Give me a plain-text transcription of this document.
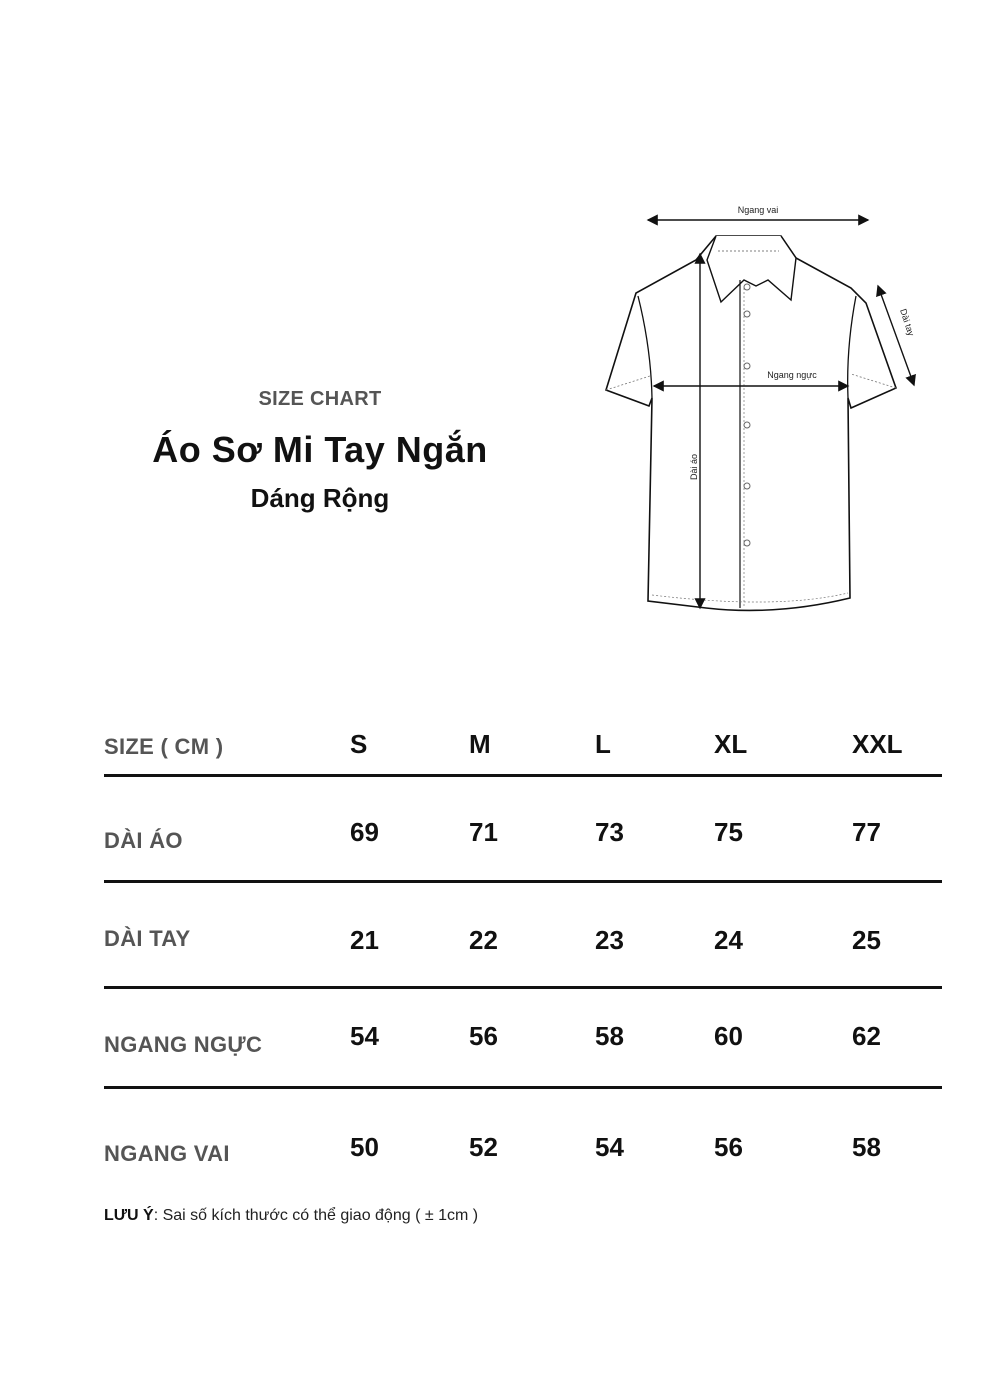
SIZE CHART
Áo Sơ Mi Tay Ngắn
Dáng Rộng
Ngang vai
Ngang ngực
Dài áo
Dài tay
SIZE ( CM )	S	M	L	XL	XXL
DÀI ÁO	69	71	73	75	77
DÀI TAY	21	22	23	24	25
NGANG NGỰC	54	56	58	60	62
NGANG VAI	50	52	54	56	58
LƯU Ý: Sai số kích thước có thể giao động ( ± 1cm )
